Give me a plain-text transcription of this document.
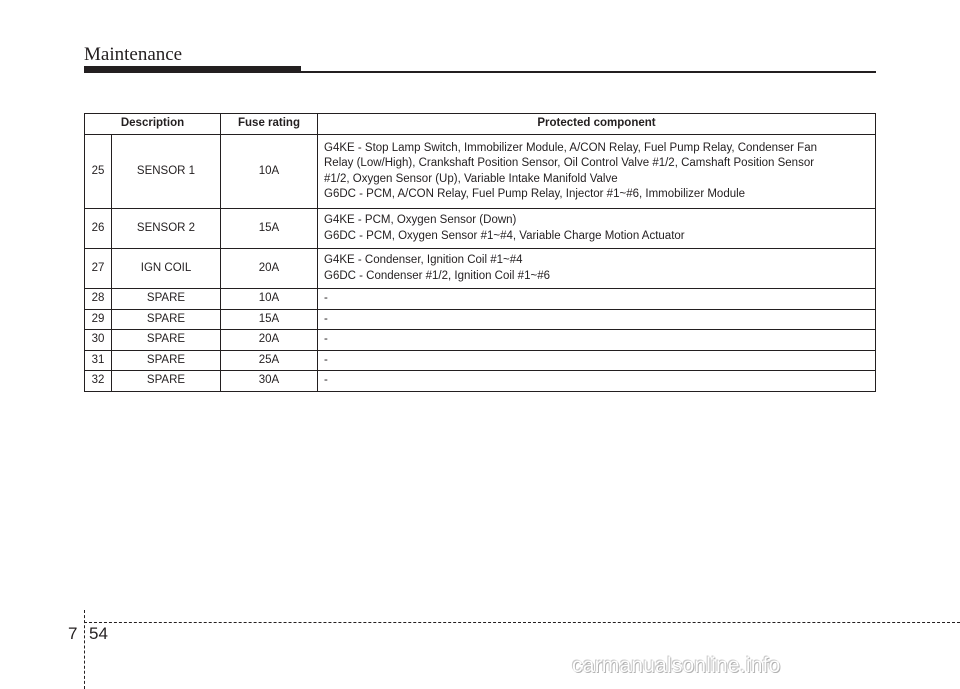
Maintenance
Description		Fuse rating	Protected component
25	SENSOR 1	10A	G4KE - Stop Lamp Switch, Immobilizer Module, A/CON Relay, Fuel Pump Relay, Condenser Fan
Relay (Low/High), Crankshaft Position Sensor, Oil Control Valve #1/2, Camshaft Position Sensor
#1/2, Oxygen Sensor (Up), Variable Intake Manifold Valve
G6DC - PCM, A/CON Relay, Fuel Pump Relay, Injector #1~#6, Immobilizer Module

26	SENSOR 2	15A	G4KE - PCM, Oxygen Sensor (Down)
G6DC - PCM, Oxygen Sensor #1~#4, Variable Charge Motion Actuator

27	IGN COIL	20A	G4KE - Condenser, Ignition Coil #1~#4
G6DC - Condenser #1/2, Ignition Coil #1~#6

28	SPARE	10A	-

29	SPARE	15A	-

30	SPARE	20A	-

31	SPARE	25A	-

32	SPARE	30A	-
7 54
carmanualsonline.info
